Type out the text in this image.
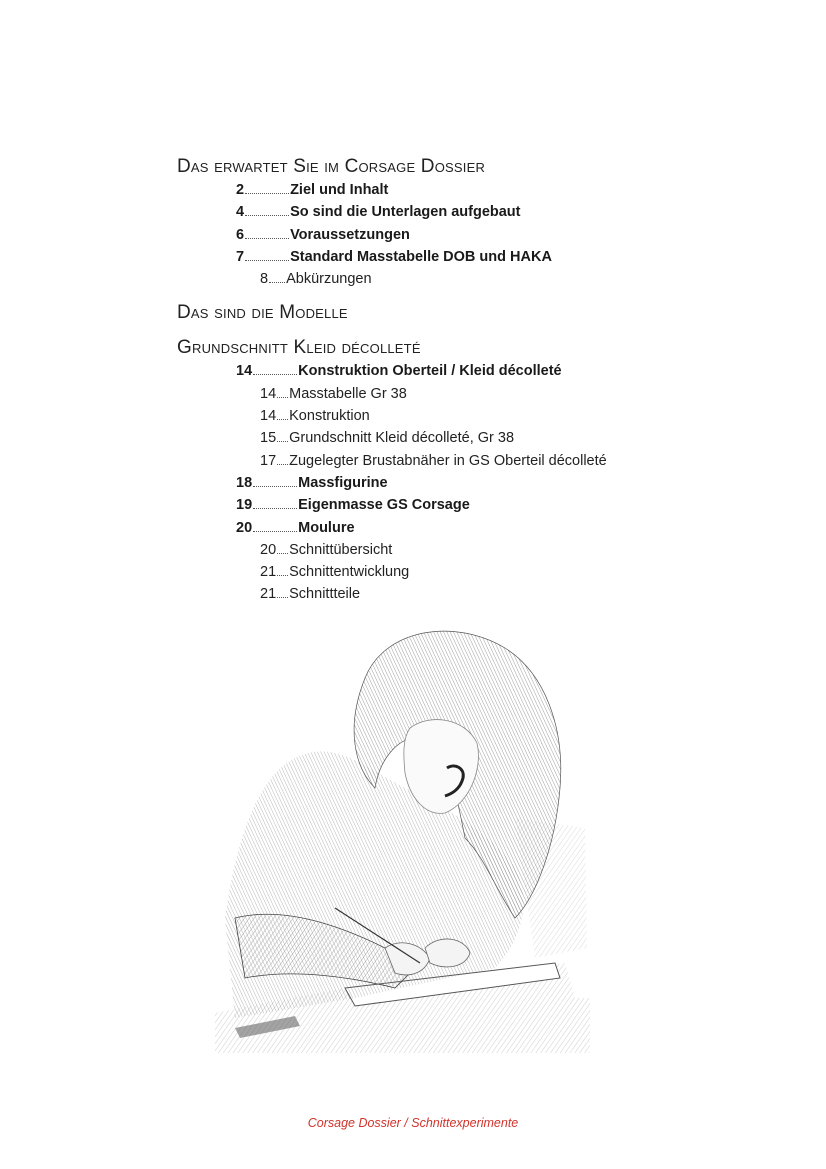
Das erwartet Sie im Corsage Dossier
2	Ziel und Inhalt
4	So sind die Unterlagen aufgebaut
6	Voraussetzungen
7	Standard Masstabelle DOB und HAKA
8 Abkürzungen
Das sind die Modelle
Grundschnitt Kleid décolleté
14	Konstruktion Oberteil / Kleid décolleté
14 Masstabelle Gr 38
14 Konstruktion
15 Grundschnitt Kleid décolleté, Gr 38
17 Zugelegter Brustabnäher in GS Oberteil décolleté
18	Massfigurine
19	Eigenmasse GS Corsage
20	Moulure
20 Schnittübersicht
21 Schnittentwicklung
21 Schnittteile
Corsage Dossier / Schnittexperimente
